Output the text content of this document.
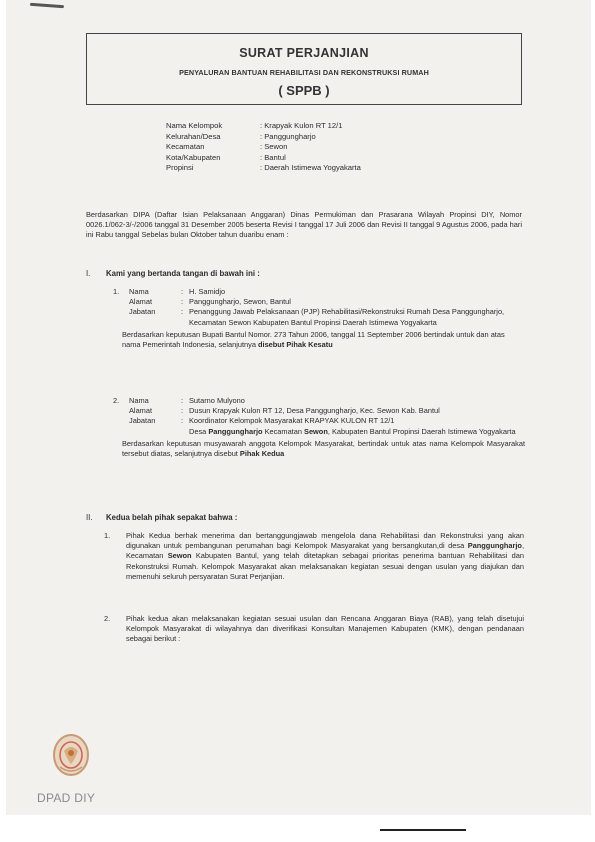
SURAT PERJANJIAN
PENYALURAN BANTUAN REHABILITASI DAN REKONSTRUKSI RUMAH
( SPPB )
Nama Kelompok	: Krapyak Kulon RT 12/1
Kelurahan/Desa	: Panggungharjo
Kecamatan	: Sewon
Kota/Kabupaten	: Bantul
Propinsi	: Daerah Istimewa Yogyakarta
Berdasarkan DIPA (Daftar Isian Pelaksanaan Anggaran) Dinas Permukiman dan Prasarana Wilayah Propinsi DIY, Nomor 0026.1/062-3/-/2006 tanggal 31 Desember 2005 beserta Revisi I tanggal 17 Juli 2006 dan Revisi II tanggal 9 Agustus 2006, pada hari ini Rabu tanggal Sebelas bulan Oktober tahun duaribu enam :
I.	Kami yang bertanda tangan di bawah ini :
1.	Nama	: H. Samidjo
Alamat	: Panggungharjo, Sewon, Bantul
Jabatan	: Penanggung Jawab Pelaksanaan (PJP) Rehabilitasi/Rekonstruksi Rumah Desa Panggungharjo, Kecamatan Sewon Kabupaten Bantul Propinsi Daerah Istimewa Yogyakarta
Berdasarkan keputusan Bupati Bantul Nomor. 273 Tahun 2006, tanggal 11 September 2006 bertindak untuk dan atas nama Pemerintah Indonesia, selanjutnya disebut Pihak Kesatu
2.	Nama	: Sutarno Mulyono
Alamat	: Dusun Krapyak Kulon RT 12, Desa Panggungharjo, Kec. Sewon Kab. Bantul
Jabatan	: Koordinator Kelompok Masyarakat KRAPYAK KULON RT 12/1
Desa Panggungharjo Kecamatan Sewon, Kabupaten Bantul Propinsi Daerah Istimewa Yogyakarta
Berdasarkan keputusan musyawarah anggota Kelompok Masyarakat, bertindak untuk atas nama Kelompok Masyarakat tersebut diatas, selanjutnya disebut Pihak Kedua
II.	Kedua belah pihak sepakat bahwa :
1.	Pihak Kedua berhak menerima dan bertanggungjawab mengelola dana Rehabilitasi dan Rekonstruksi yang akan digunakan untuk pembangunan perumahan bagi Kelompok Masyarakat yang bersangkutan,di desa Panggungharjo, Kecamatan Sewon Kabupaten Bantul, yang telah ditetapkan sebagai prioritas penerima bantuan Rehabilitasi dan Rekonstruksi Rumah. Kelompok Masyarakat akan melaksanakan kegiatan sesuai dengan usulan yang diajukan dan memenuhi seluruh persyaratan Surat Perjanjian.
2.	Pihak kedua akan melaksanakan kegiatan sesuai usulan dan Rencana Anggaran Biaya (RAB), yang telah disetujui Kelompok Masyarakat di wilayahnya dan diverifikasi Konsultan Manajemen Kabupaten (KMK), dengan pendanaan sebagai berikut :
DPAD DIY
